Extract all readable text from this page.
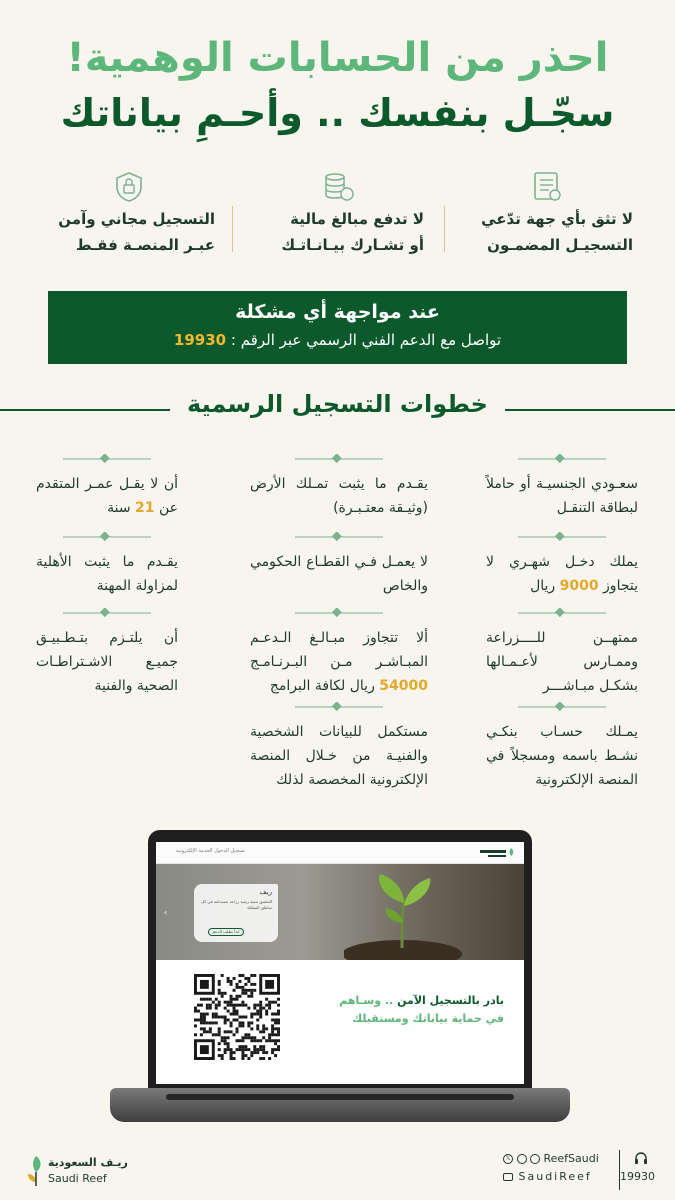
احذر من الحسابات الوهمية!
سجّـل بنفسك .. وأحـمِ بياناتك
لا تثق بأي جهة تدّعي
التسجيـل المضمـون
لا تدفع مبالغ مالية
أو تشـارك بيـانـاتـك
التسجيل مجاني وآمن
عبـر المنصـة فقـط
عند مواجهة أي مشكلة
تواصل مع الدعم الفني الرسمي عبر الرقم : 19930
خطوات التسجيل الرسمية
سعـودي الجنسيـة أو حاملاً لبطاقة التنقـل
يملك دخـل شهـري لا يتجاوز 9000 ريال
ممتهــن للــــزراعة وممـارس لأعـمـالها بشكـل مبـاشـــر
يمـلك حسـاب بنكـي نشـط باسمه ومسجلاً في المنصة الإلكترونية
يقـدم ما يثبت تمـلك الأرض (وثيـقة معتـبـرة)
لا يعمـل فـي القطـاع الحكومي والخاص
ألا تتجاوز مبـالـغ الـدعـم المبـاشـر مـن البـرنـامـج 54000 ريال لكافة البرامج
مستكمل للبيانات الشخصية والفنيـة من خـلال المنصة الإلكترونية المخصصة لذلك
أن لا يقـل عمـر المتقدم عن 21 سنة
يقـدم ما يثبت الأهلية لمزاولة المهنة
أن يلتـزم بتـطـبيـق جميـع الاشـتراطـات الصحية والفنية
تسجيل الدخول الخدمة الإلكترونية
ريف
التحقيق تنمية ريفية زراعة مستدامة في كل مناطق المملكة
ابدأ بطلب الدعم
‹
بادر بالتسجيل الآمن .. وسـاهم
في حماية بياناتك ومستقبلك
ريـف السعودية
Saudi Reef
𝕏	ReefSaudi
SaudiReef	19930
